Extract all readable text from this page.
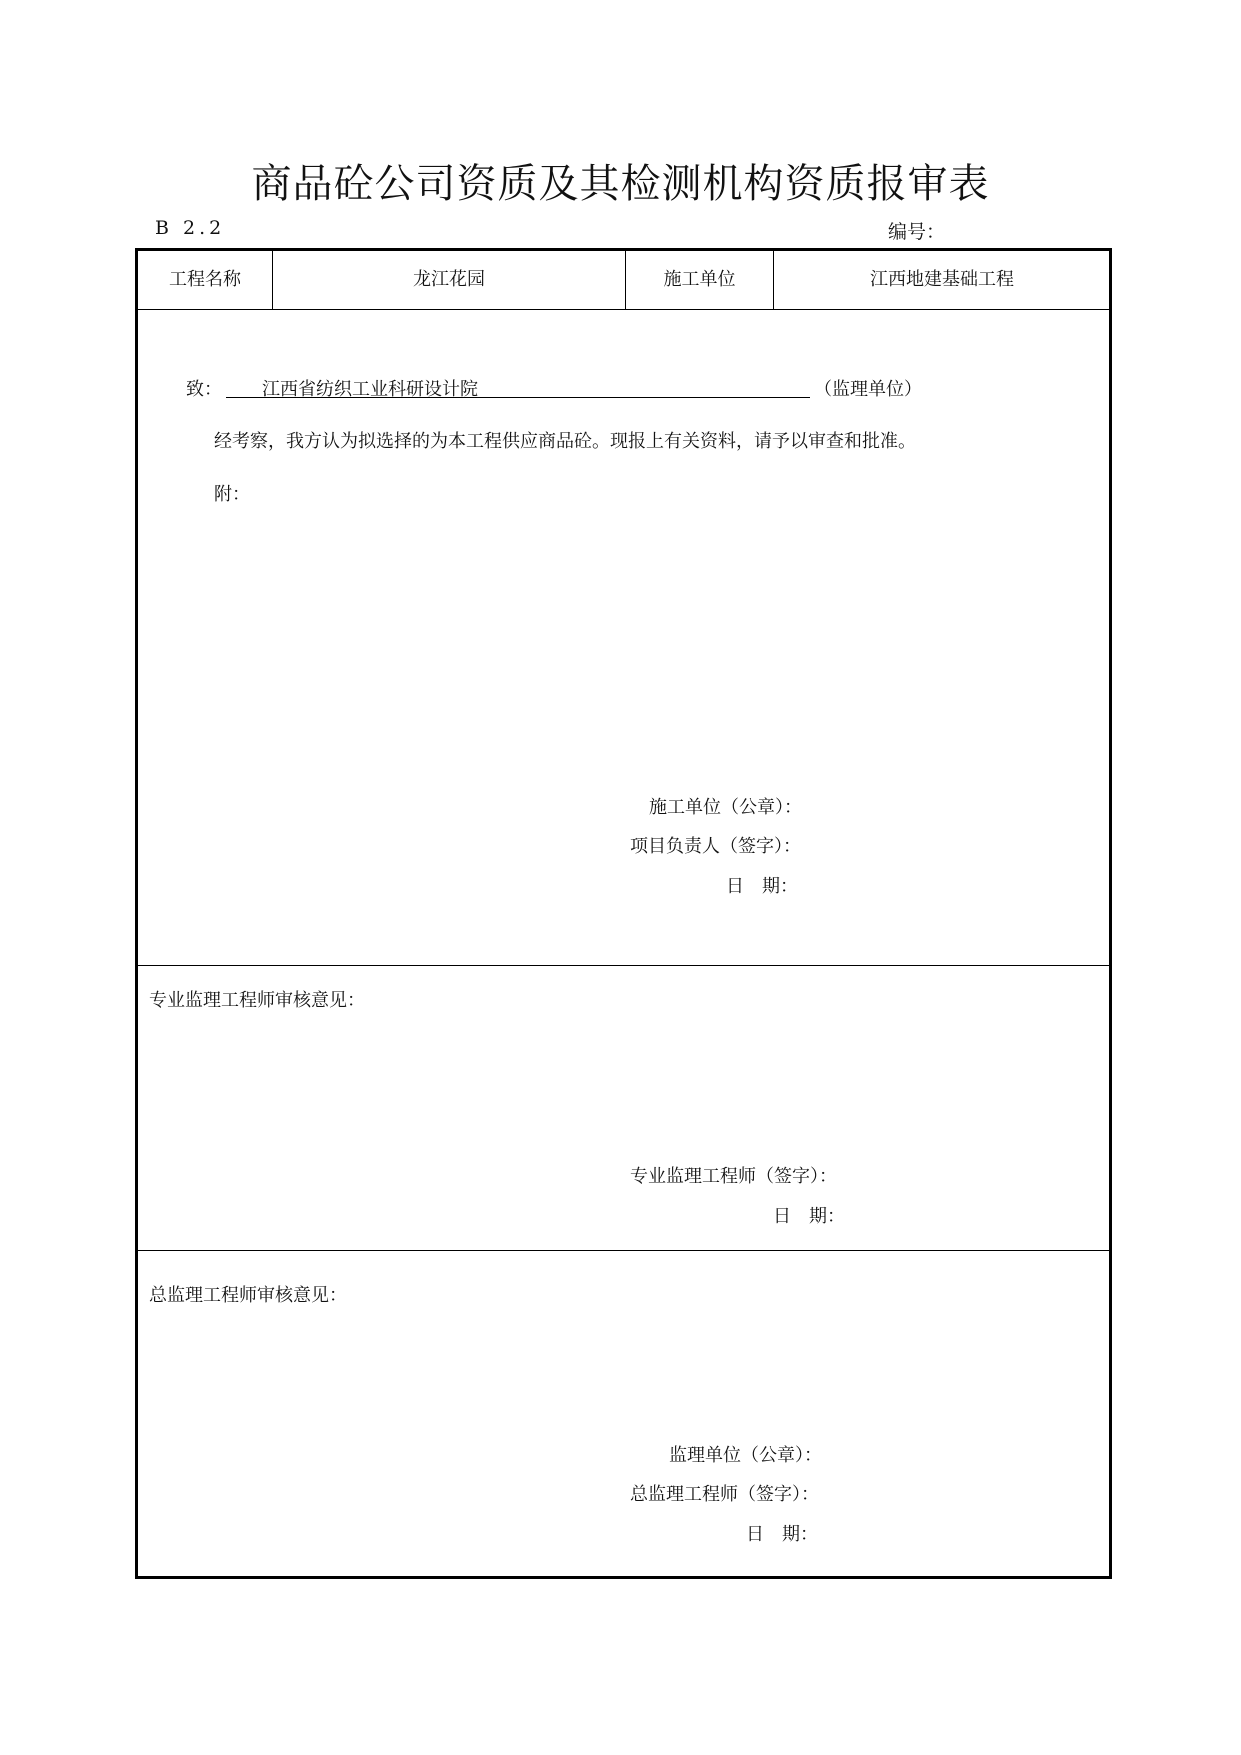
商品砼公司资质及其检测机构资质报审表
B 2.2	编号：
工程名称	龙江花园	施工单位	江西地建基础工程
致： 江西省纺织工业科研设计院	（监理单位）
经考察，我方认为拟选择的为本工程供应商品砼。现报上有关资料，请予以审查和批准。
附：
施工单位（公章）：
项目负责人（签字）：
日　期：
专业监理工程师审核意见：
专业监理工程师（签字）：
日　期：
总监理工程师审核意见：
监理单位（公章）：
总监理工程师（签字）：
日　期：
